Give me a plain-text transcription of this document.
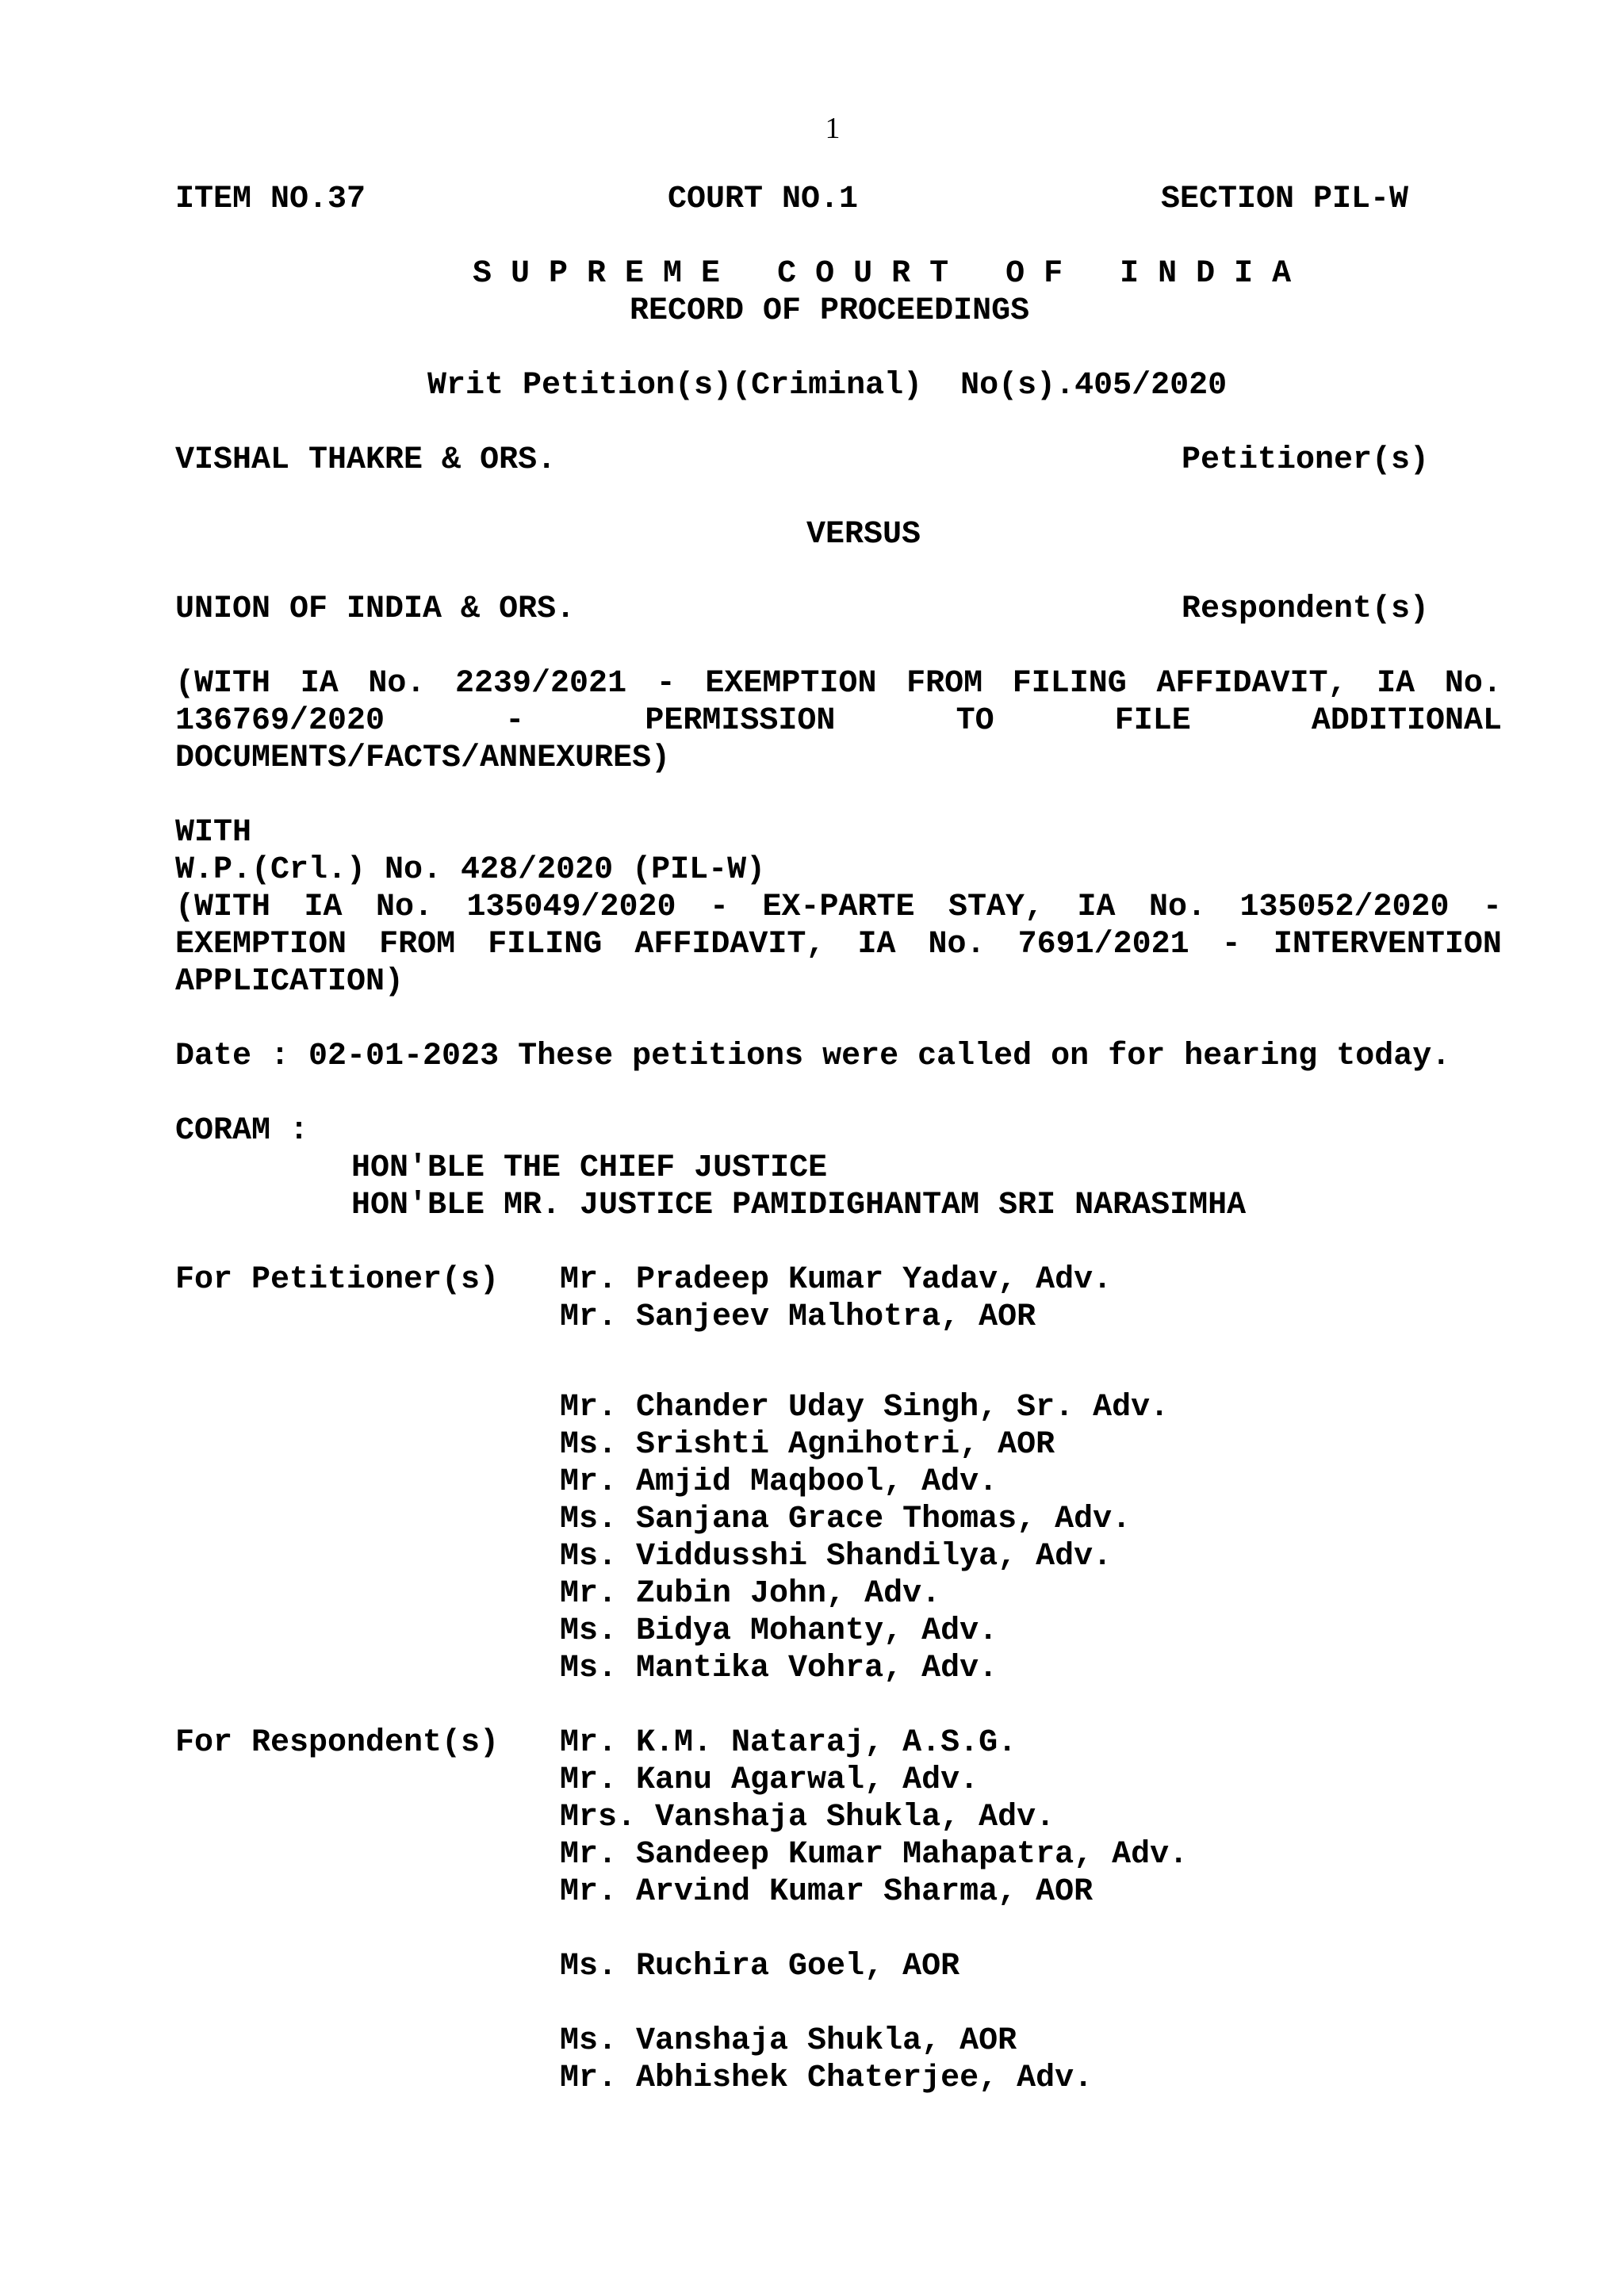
1
ITEM NO.37	COURT NO.1	SECTION PIL-W
S U P R E M E   C O U R T   O F   I N D I A
RECORD OF PROCEEDINGS
Writ Petition(s)(Criminal)  No(s).405/2020
VISHAL THAKRE & ORS.	Petitioner(s)
VERSUS
UNION OF INDIA & ORS.	Respondent(s)
(WITH IA No. 2239/2021 - EXEMPTION FROM FILING AFFIDAVIT, IA No.
136769/2020	-	PERMISSION	TO	FILE	ADDITIONAL
DOCUMENTS/FACTS/ANNEXURES)
WITH
W.P.(Crl.) No. 428/2020 (PIL-W)
(WITH IA No. 135049/2020 - EX-PARTE STAY, IA No. 135052/2020 -
EXEMPTION FROM FILING AFFIDAVIT, IA No. 7691/2021 - INTERVENTION
APPLICATION)
Date : 02-01-2023 These petitions were called on for hearing today.
CORAM :
HON'BLE THE CHIEF JUSTICE
HON'BLE MR. JUSTICE PAMIDIGHANTAM SRI NARASIMHA
For Petitioner(s) Mr. Pradeep Kumar Yadav, Adv.
Mr. Sanjeev Malhotra, AOR
Mr. Chander Uday Singh, Sr. Adv.
Ms. Srishti Agnihotri, AOR
Mr. Amjid Maqbool, Adv.
Ms. Sanjana Grace Thomas, Adv.
Ms. Viddusshi Shandilya, Adv.
Mr. Zubin John, Adv.
Ms. Bidya Mohanty, Adv.
Ms. Mantika Vohra, Adv.
For Respondent(s) Mr. K.M. Nataraj, A.S.G.
Mr. Kanu Agarwal, Adv.
Mrs. Vanshaja Shukla, Adv.
Mr. Sandeep Kumar Mahapatra, Adv.
Mr. Arvind Kumar Sharma, AOR
Ms. Ruchira Goel, AOR
Ms. Vanshaja Shukla, AOR
Mr. Abhishek Chaterjee, Adv.
